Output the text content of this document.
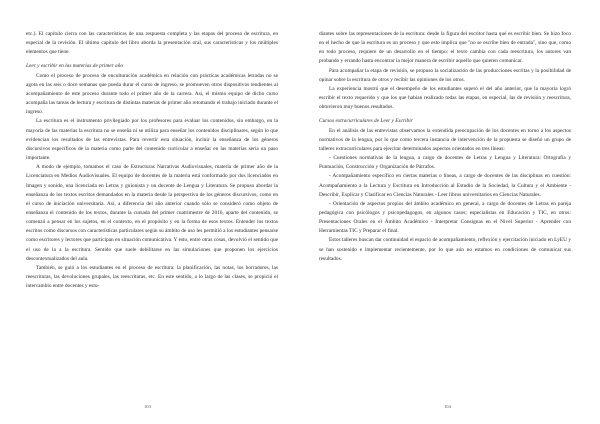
etc.). El capítulo cierra con las características de una respuesta completa y las etapas del proceso de escritura, en especial de la revisión. El último capítulo del libro aborda la presentación oral, sus características y los múltiples elementos que tiene.

Leer y escribir en las materias de primer año

Como el proceso de proceso de enculturación académica en relación con prácticas académicas letradas no se agota en las seis o doce semanas que pueda durar el curso de ingreso, se promueven otros dispositivos tendientes al acompañamiento de este proceso durante todo el primer año de la carrera. Así, el mismo equipo de dicho curso acompaña las tareas de lectura y escritura de distintas materias de primer año retomando el trabajo iniciado durante el ingreso.

La escritura es el instrumento privilegiado por los profesores para evaluar los contenidos, sin embargo, en la mayoría de las materias la escritura no se enseña ni se utiliza para enseñar los contenidos disciplinares, según lo que evidencian los resultados de las entrevistas. Para revertir esta situación, incluir la enseñanza de los géneros discursivos específicos de la materia como parte del contenido curricular a enseñar en las materias sería un paso importante.

A modo de ejemplo, tomamos el caso de Estructuras Narrativas Audiovisuales, materia de primer año de la Licenciatura en Medios Audiovisuales. El equipo de docentes de la materia está conformado por dos licenciados en Imagen y sonido, una licenciada en Letras y guionista y un docente de Lengua y Literatura. Se propuso abordar la enseñanza de los textos escritos demandados en la materia desde la perspectiva de los géneros discursivos, como en el curso de iniciación universitaria. Así, a diferencia del año anterior cuando sólo se consideró como objeto de enseñanza el contenido de los textos, durante la cursada del primer cuatrimestre de 2016, aparte del contenido, se comenzó a pensar en los sujetos, en el contexto, en el propósito y en la forma de esos textos. Entender los textos escritos como discursos con características particulares según su ámbito de uso les permitió a los estudiantes pensarse como escritores y lectores que participan en situación comunicativa. Y esto, entre otras cosas, devolvió el sentido que el uso de la a la escritura. Sentido que suele debilitarse en las simulaciones que proponen los ejercicios descontextualizados del aula.

También, se guió a los estudiantes en el proceso de escritura: la planificación, las notas, los borradores, las reescrituras, las devoluciones grupales, las reescrituras, etc. En este sentido, a lo largo de las clases, se propició el intercambio entre docentes y estu-

diantes sobre las representaciones de la escritura: desde la figura del escritor hasta qué es escribir bien. Se hizo foco en el hecho de que la escritura es un proceso y que esto implica que "no se escribe bien de entrada", sino que, como en todo proceso, requiere de un desarrollo en el tiempo: el texto cambia con cada reescritura, los autores van probando y errando hasta encontrar la mejor manera de escribir aquello que quieren comunicar.

Para acompañar la etapa de revisión, se propuso la socialización de las producciones escritas y la posibilidad de opinar sobre la escritura de otros y recibir las opiniones de los otros.

La experiencia mostró que el desempeño de los estudiantes superó el del año anterior, que la mayoría logró escribir el texto requerido y que los que habían realizado todas las etapas, en especial, las de revisión y reescritura, obtuvieron muy buenos resultados.

Cursos extracurriculares de Leer y Escribir

En el análisis de las entrevistas observamos la extendida preocupación de los docentes en torno a los aspectos normativos de la lengua, por lo que como tercera instancia de intervención de la propuesta se diseñó un grupo de talleres extracurriculares para ejercitar determinados aspectos orientados en tres líneas:

- Cuestiones normativas de la lengua, a cargo de docentes de Letras y Lengua y Literatura: Ortografía y Puntuación, Construcción y Organización de Párrafos.

- Acompañamiento específico en ciertas materias o líneas, a cargo de docentes de las disciplinas en cuestión: Acompañamiento a la Lectura y Escritura en Introducción al Estudio de la Sociedad, la Cultura y el Ambiente - Describir, Explicar y Clasificar en Ciencias Naturales - Leer libros universitarios en Ciencias Naturales.

- Orientación de aspectos propios del ámbito académico en general, a cargo de docentes de Letras en pareja pedagógica con psicólogos y psicopedagogos, en algunos casos; especialistas en Educación y TIC, en otros: Presentaciones Orales en el Ámbito Académico - Interpretar Consignas en el Nivel Superior - Aprender con Herramientas TIC y Preparar el final.

Estos talleres buscan dar continuidad el espacio de acompañamiento, reflexión y ejercitación iniciado en LyEU y se han sostenido e implementar recientemente, por lo que aún no estamos en condiciones de comunicar sus resultados.

103	104
